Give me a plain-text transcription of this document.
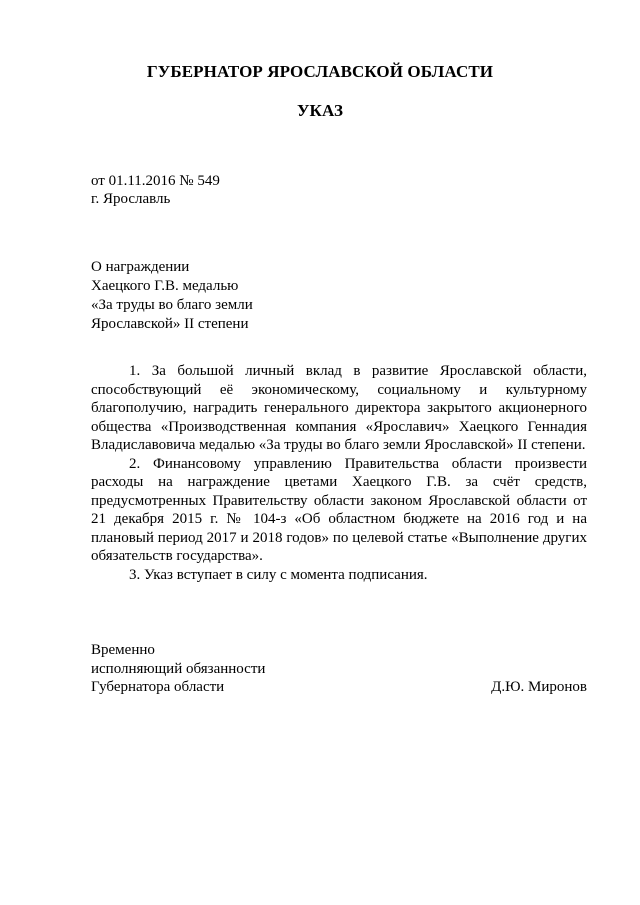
ГУБЕРНАТОР ЯРОСЛАВСКОЙ ОБЛАСТИ
УКАЗ
от 01.11.2016 № 549
г. Ярославль
О награждении
Хаецкого Г.В. медалью
«За труды во благо земли
Ярославской» II степени

1. За большой личный вклад в развитие Ярославской области, способствующий её экономическому, социальному и культурному благополучию, наградить генерального директора закрытого акционерного общества «Производственная компания «Ярославич» Хаецкого Геннадия Владиславовича медалью «За труды во благо земли Ярославской» II степени.

2. Финансовому управлению Правительства области произвести расходы на награждение цветами Хаецкого Г.В. за счёт средств, предусмотренных Правительству области законом Ярославской области от 21 декабря 2015 г. № 104-з «Об областном бюджете на 2016 год и на плановый период 2017 и 2018 годов» по целевой статье «Выполнение других обязательств государства».

3. Указ вступает в силу с момента подписания.

Временно
исполняющий обязанности
Губернатора области	Д.Ю. Миронов
